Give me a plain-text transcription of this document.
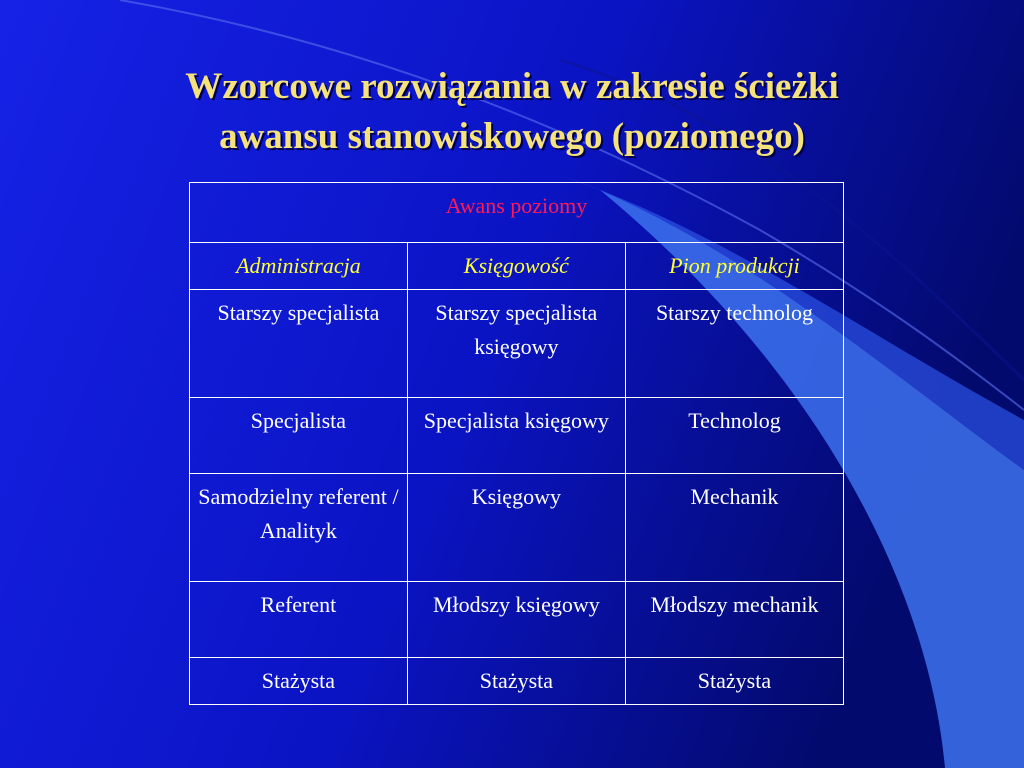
Wzorcowe rozwiązania w zakresie ścieżki
awansu stanowiskowego (poziomego)
Awans poziomy		
Administracja	Księgowość	Pion produkcji
Starszy specjalista	Starszy specjalista księgowy	Starszy technolog
Specjalista	Specjalista księgowy	Technolog
Samodzielny referent / Analityk	Księgowy	Mechanik
Referent	Młodszy księgowy	Młodszy mechanik
Stażysta	Stażysta	Stażysta
